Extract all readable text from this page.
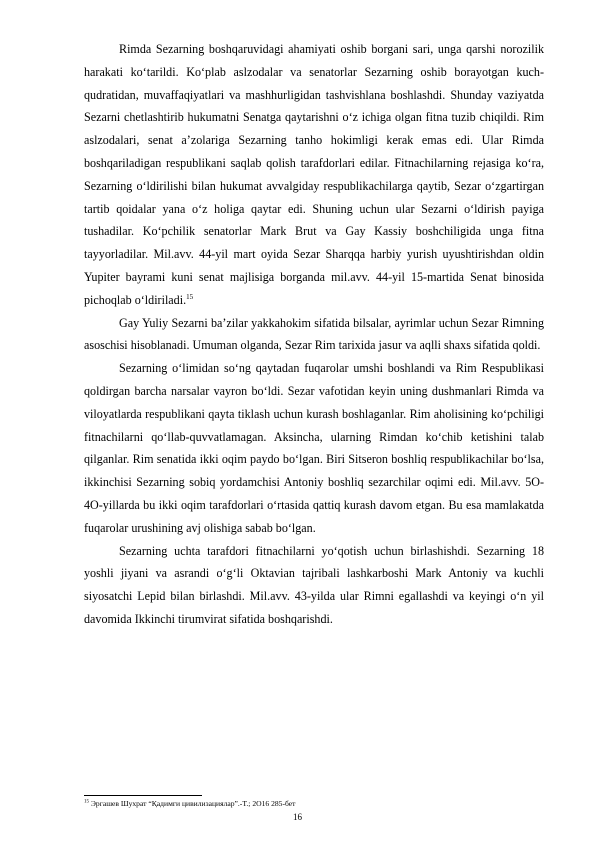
Rimda Sezarning boshqaruvidagi ahamiyati oshib borgani sari, unga qarshi norozilik harakati ko‘tarildi. Ko‘plab aslzodalar va senatorlar Sezarning oshib borayotgan kuch-qudratidan, muvaffaqiyatlari va mashhurligidan tashvishlana boshlashdi. Shunday vaziyatda Sezarni chetlashtirib hukumatni Senatga qaytarishni o‘z ichiga olgan fitna tuzib chiqildi. Rim aslzodalari, senat a’zolariga Sezarning tanho hokimligi kerak emas edi. Ular Rimda boshqariladigan respublikani saqlab qolish tarafdorlari edilar. Fitnachilarning rejasiga ko‘ra, Sezarning o‘ldirilishi bilan hukumat avvalgiday respublikachilarga qaytib, Sezar o‘zgartirgan tartib qoidalar yana o‘z holiga qaytar edi. Shuning uchun ular Sezarni o‘ldirish payiga tushadilar. Ko‘pchilik senatorlar Mark Brut va Gay Kassiy boshchiligida unga fitna tayyorladilar. Mil.avv. 44-yil mart oyida Sezar Sharqqa harbiy yurish uyushtirishdan oldin Yupiter bayrami kuni senat majlisiga borganda mil.avv. 44-yil 15-martida Senat binosida pichoqlab o‘ldiriladi.$^{15}$

Gay Yuliy Sezarni ba’zilar yakkahokim sifatida bilsalar, ayrimlar uchun Sezar Rimning asoschisi hisoblanadi. Umuman olganda, Sezar Rim tarixida jasur va aqlli shaxs sifatida qoldi.

Sezarning o‘limidan so‘ng qaytadan fuqarolar umshi boshlandi va Rim Respublikasi qoldirgan barcha narsalar vayron bo‘ldi. Sezar vafotidan keyin uning dushmanlari Rimda va viloyatlarda respublikani qayta tiklash uchun kurash boshlaganlar. Rim aholisining ko‘pchiligi fitnachilarni qo‘llab-quvvatlamagan. Aksincha, ularning Rimdan ko‘chib ketishini talab qilganlar. Rim senatida ikki oqim paydo bo‘lgan. Biri Sitseron boshliq respublikachilar bo‘lsa, ikkinchisi Sezarning sobiq yordamchisi Antoniy boshliq sezarchilar oqimi edi. Mil.avv. 5O-4O-yillarda bu ikki oqim tarafdorlari o‘rtasida qattiq kurash davom etgan. Bu esa mamlakatda fuqarolar urushining avj olishiga sabab bo‘lgan.

Sezarning uchta tarafdori fitnachilarni yo‘qotish uchun birlashishdi. Sezarning 18 yoshli jiyani va asrandi o‘g‘li Oktavian tajribali lashkarboshi Mark Antoniy va kuchli siyosatchi Lepid bilan birlashdi. Mil.avv. 43-yilda ular Rimni egallashdi va keyingi o‘n yil davomida Ikkinchi tirumvirat sifatida boshqarishdi.

$^{15}$ Эргашев Шухрат “Қадимги цивилизациялар”.-T.; 2O16 285-бет
16
